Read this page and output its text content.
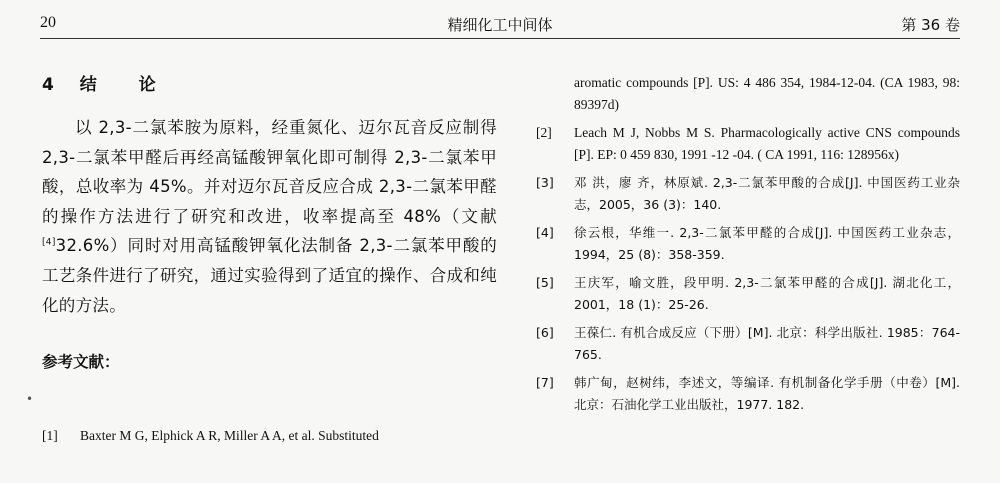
20	精细化工中间体	第 36 卷
4 结 论
以 2,3-二氯苯胺为原料，经重氮化、迈尔瓦音反应制得 2,3-二氯苯甲醛后再经高锰酸钾氧化即可制得 2,3-二氯苯甲酸，总收率为 45%。并对迈尔瓦音反应合成 2,3-二氯苯甲醛的操作方法进行了研究和改进，收率提高至 48%（文献[4]32.6%）同时对用高锰酸钾氧化法制备 2,3-二氯苯甲酸的工艺条件进行了研究，通过实验得到了适宜的操作、合成和纯化的方法。
参考文献：
•
[1] Baxter M G, Elphick A R, Miller A A, et al. Substituted
aromatic compounds [P]. US: 4 486 354, 1984-12-04. (CA 1983, 98: 89397d)
[2] Leach M J, Nobbs M S. Pharmacologically active CNS compounds [P]. EP: 0 459 830, 1991 -12 -04. ( CA 1991, 116: 128956x)
[3] 邓 洪，廖 齐，林原斌. 2,3-二氯苯甲酸的合成[J]. 中国医药工业杂志，2005，36 (3)：140.
[4] 徐云根，华维一. 2,3-二氯苯甲醛的合成[J]. 中国医药工业杂志，1994，25 (8)：358-359.
[5] 王庆军，喻文胜，段甲明. 2,3-二氯苯甲醛的合成[J]. 湖北化工，2001，18 (1)：25-26.
[6] 王葆仁. 有机合成反应（下册）[M]. 北京：科学出版社. 1985：764-765.
[7] 韩广甸，赵树纬，李述文，等编译. 有机制备化学手册（中卷）[M]. 北京：石油化学工业出版社，1977. 182.
